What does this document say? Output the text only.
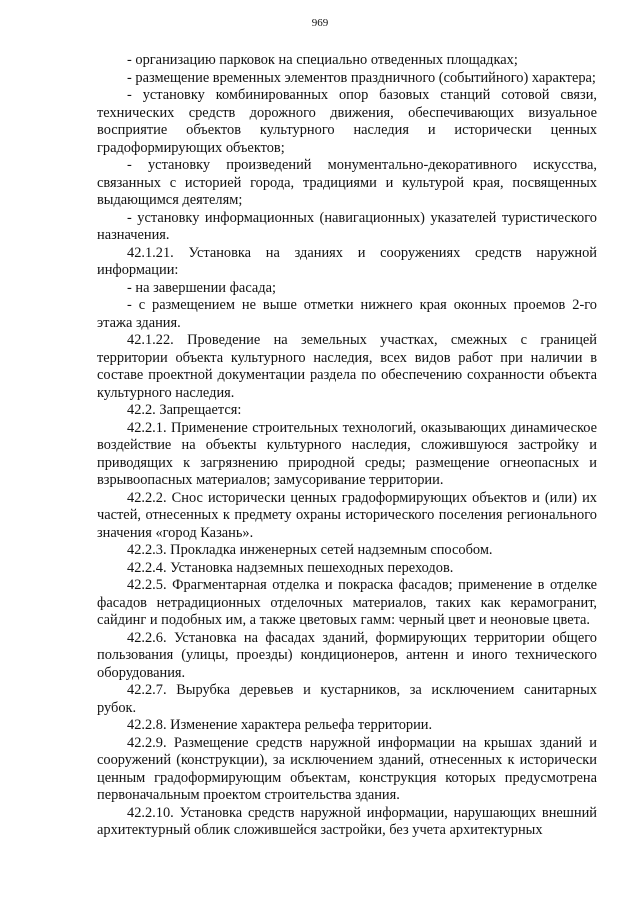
969

- организацию парковок на специально отведенных площадках;

- размещение временных элементов праздничного (событийного) характера;

- установку комбинированных опор базовых станций сотовой связи, технических средств дорожного движения, обеспечивающих визуальное восприятие объектов культурного наследия и исторически ценных градоформирующих объектов;

- установку произведений монументально-декоративного искусства, связанных с историей города, традициями и культурой края, посвященных выдающимся деятелям;

- установку информационных (навигационных) указателей туристического назначения.

42.1.21. Установка на зданиях и сооружениях средств наружной информации:

- на завершении фасада;

- с размещением не выше отметки нижнего края оконных проемов 2-го этажа здания.

42.1.22. Проведение на земельных участках, смежных с границей территории объекта культурного наследия, всех видов работ при наличии в составе проектной документации раздела по обеспечению сохранности объекта культурного наследия.

42.2. Запрещается:

42.2.1. Применение строительных технологий, оказывающих динамическое воздействие на объекты культурного наследия, сложившуюся застройку и приводящих к загрязнению природной среды; размещение огнеопасных и взрывоопасных материалов; замусоривание территории.

42.2.2. Снос исторически ценных градоформирующих объектов и (или) их частей, отнесенных к предмету охраны исторического поселения регионального значения «город Казань».

42.2.3. Прокладка инженерных сетей надземным способом.

42.2.4. Установка надземных пешеходных переходов.

42.2.5. Фрагментарная отделка и покраска фасадов; применение в отделке фасадов нетрадиционных отделочных материалов, таких как керамогранит, сайдинг и подобных им, а также цветовых гамм: черный цвет и неоновые цвета.

42.2.6. Установка на фасадах зданий, формирующих территории общего пользования (улицы, проезды) кондиционеров, антенн и иного технического оборудования.

42.2.7. Вырубка деревьев и кустарников, за исключением санитарных рубок.

42.2.8. Изменение характера рельефа территории.

42.2.9. Размещение средств наружной информации на крышах зданий и сооружений (конструкции), за исключением зданий, отнесенных к исторически ценным градоформирующим объектам, конструкция которых предусмотрена первоначальным проектом строительства здания.

42.2.10. Установка средств наружной информации, нарушающих внешний архитектурный облик сложившейся застройки, без учета архитектурных
